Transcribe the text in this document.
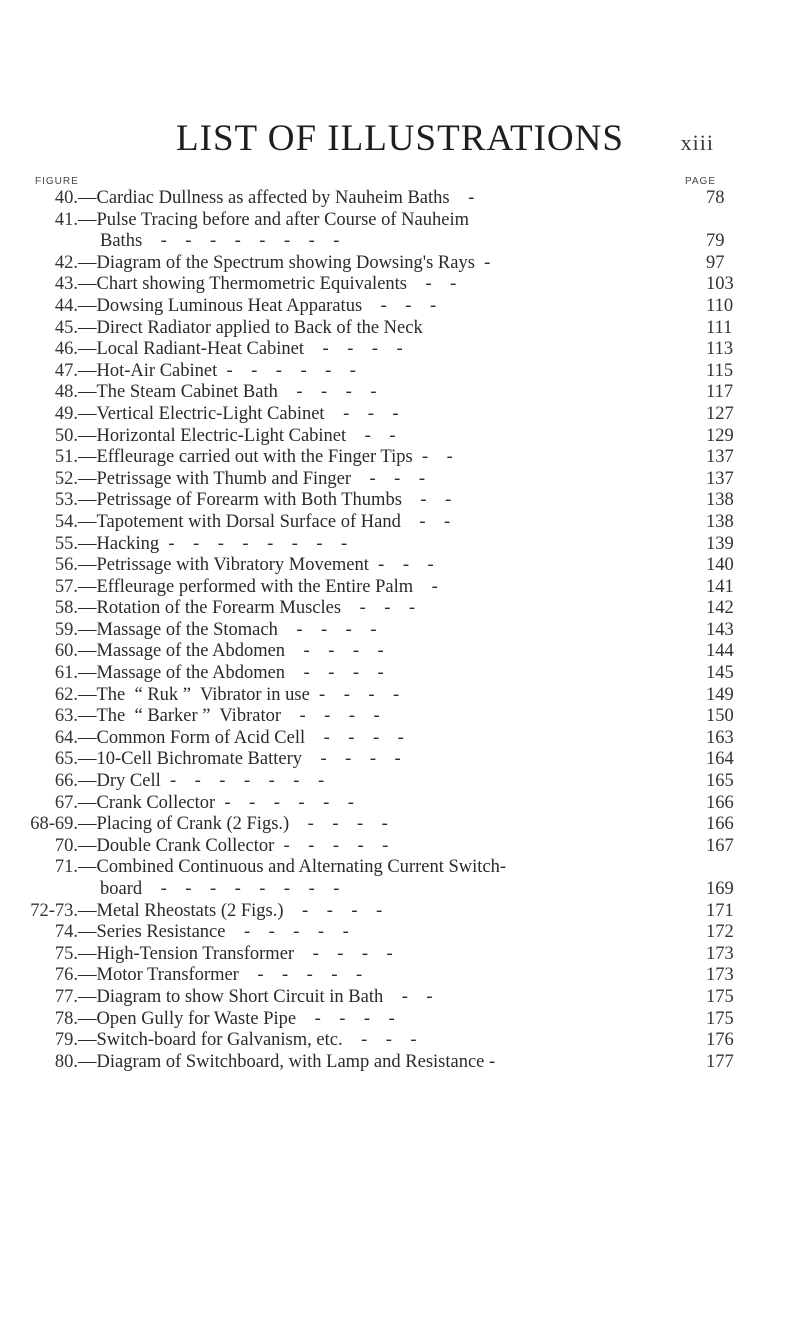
LIST OF ILLUSTRATIONS	xiii
FIGURE	PAGE
40. —Cardiac Dullness as affected by Nauheim Baths    -	78
41. —Pulse Tracing before and after Course of Nauheim
Baths    -    -    -    -    -    -    -    -	79
42. —Diagram of the Spectrum showing Dowsing's Rays  -	97
43. —Chart showing Thermometric Equivalents    -    -	103
44. —Dowsing Luminous Heat Apparatus    -    -    -	110
45. —Direct Radiator applied to Back of the Neck	111
46. —Local Radiant-Heat Cabinet    -    -    -    -	113
47. —Hot-Air Cabinet  -    -    -    -    -    -	115
48. —The Steam Cabinet Bath    -    -    -    -	117
49. —Vertical Electric-Light Cabinet    -    -    -	127
50. —Horizontal Electric-Light Cabinet    -    -	129
51. —Effleurage carried out with the Finger Tips  -    -	137
52. —Petrissage with Thumb and Finger    -    -    -	137
53. —Petrissage of Forearm with Both Thumbs    -    -	138
54. —Tapotement with Dorsal Surface of Hand    -    -	138
55. —Hacking  -    -    -    -    -    -    -    -	139
56. —Petrissage with Vibratory Movement  -    -    -	140
57. —Effleurage performed with the Entire Palm    -	141
58. —Rotation of the Forearm Muscles    -    -    -	142
59. —Massage of the Stomach    -    -    -    -	143
60. —Massage of the Abdomen    -    -    -    -	144
61. —Massage of the Abdomen    -    -    -    -	145
62. —The  “ Ruk ”  Vibrator in use  -    -    -    -	149
63. —The  “ Barker ”  Vibrator    -    -    -    -	150
64. —Common Form of Acid Cell    -    -    -    -	163
65. —10-Cell Bichromate Battery    -    -    -    -	164
66. —Dry Cell  -    -    -    -    -    -    -	165
67. —Crank Collector  -    -    -    -    -    -	166
68-69. —Placing of Crank (2 Figs.)    -    -    -    -	166
70. —Double Crank Collector  -    -    -    -    -	167
71. —Combined Continuous and Alternating Current Switch-
board    -    -    -    -    -    -    -    -	169
72-73. —Metal Rheostats (2 Figs.)    -    -    -    -	171
74. —Series Resistance    -    -    -    -    -	172
75. —High-Tension Transformer    -    -    -    -	173
76. —Motor Transformer    -    -    -    -    -	173
77. —Diagram to show Short Circuit in Bath    -    -	175
78. —Open Gully for Waste Pipe    -    -    -    -	175
79. —Switch-board for Galvanism, etc.    -    -    -	176
80. —Diagram of Switchboard, with Lamp and Resistance -	177
